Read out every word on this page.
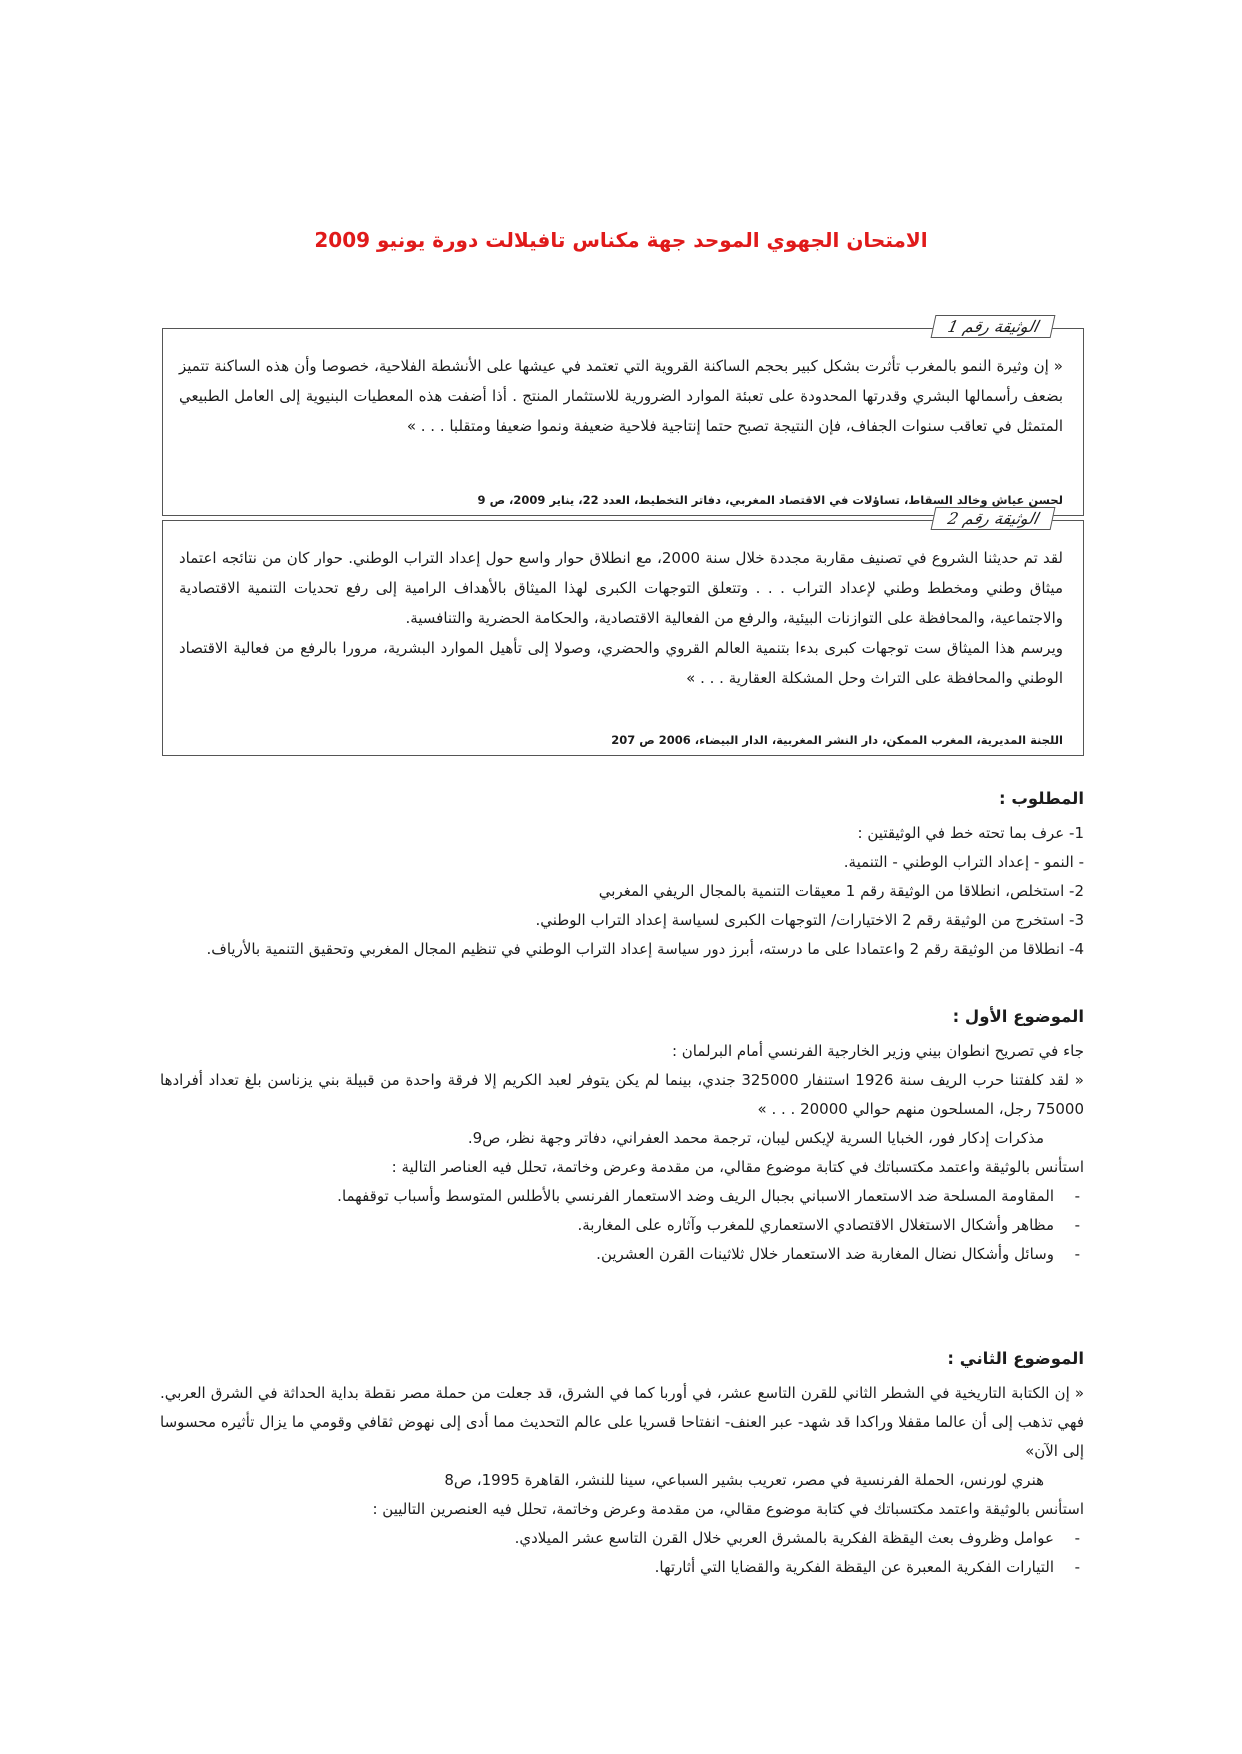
الامتحان الجهوي الموحد جهة مكناس تافيلالت دورة يونيو 2009
الوثيقة رقم 1
« إن وثيرة النمو بالمغرب تأثرت بشكل كبير بحجم الساكنة القروية التي تعتمد في عيشها على الأنشطة الفلاحية، خصوصا وأن هذه الساكنة تتميز بضعف رأسمالها البشري وقدرتها المحدودة على تعبئة الموارد الضرورية للاستثمار المنتج . أذا أضفت هذه المعطيات البنيوية إلى العامل الطبيعي المتمثل في تعاقب سنوات الجفاف، فإن النتيجة تصبح حتما إنتاجية فلاحية ضعيفة ونموا ضعيفا ومتقلبا . . . »
لحسن عياش وخالد السقاط، تساؤلات في الاقتصاد المغربي، دفاتر التخطيط، العدد 22، يناير 2009، ص 9
الوثيقة رقم 2
لقد تم حديثنا الشروع في تصنيف مقاربة مجددة خلال سنة 2000، مع انطلاق حوار واسع حول إعداد التراب الوطني. حوار كان من نتائجه اعتماد ميثاق وطني ومخطط وطني لإعداد التراب . . . وتتعلق التوجهات الكبرى لهذا الميثاق بالأهداف الرامية إلى رفع تحديات التنمية الاقتصادية والاجتماعية، والمحافظة على التوازنات البيئية، والرفع من الفعالية الاقتصادية، والحكامة الحضرية والتنافسية.
ويرسم هذا الميثاق ست توجهات كبرى بدءا بتنمية العالم القروي والحضري، وصولا إلى تأهيل الموارد البشرية، مرورا بالرفع من فعالية الاقتصاد الوطني والمحافظة على التراث وحل المشكلة العقارية . . . »
اللجنة المديرية، المغرب الممكن، دار النشر المغربية، الدار البيضاء، 2006 ص 207
المطلوب :
1- عرف بما تحته خط في الوثيقتين :
- النمو - إعداد التراب الوطني - التنمية.
2- استخلص، انطلاقا من الوثيقة رقم 1 معيقات التنمية بالمجال الريفي المغربي
3- استخرج من الوثيقة رقم 2 الاختيارات/ التوجهات الكبرى لسياسة إعداد التراب الوطني.
4- انطلاقا من الوثيقة رقم 2 واعتمادا على ما درسته، أبرز دور سياسة إعداد التراب الوطني في تنظيم المجال المغربي وتحقيق التنمية بالأرياف.
الموضوع الأول :
جاء في تصريح انطوان بيني وزير الخارجية الفرنسي أمام البرلمان :
« لقد كلفتنا حرب الريف سنة 1926 استنفار 325000 جندي، بينما لم يكن يتوفر لعبد الكريم إلا فرقة واحدة من قبيلة بني يزناسن بلغ تعداد أفرادها 75000 رجل، المسلحون منهم حوالي 20000 . . . »
مذكرات إدكار فور، الخبايا السرية لإيكس ليبان، ترجمة محمد العفراني، دفاتر وجهة نظر، ص9.
استأنس بالوثيقة واعتمد مكتسباتك في كتابة موضوع مقالي، من مقدمة وعرض وخاتمة، تحلل فيه العناصر التالية :
-
المقاومة المسلحة ضد الاستعمار الاسباني بجبال الريف وضد الاستعمار الفرنسي بالأطلس المتوسط وأسباب توقفهما.
-
مظاهر وأشكال الاستغلال الاقتصادي الاستعماري للمغرب وآثاره على المغاربة.
-
وسائل وأشكال نضال المغاربة ضد الاستعمار خلال ثلاثينات القرن العشرين.
الموضوع الثاني :
« إن الكتابة التاريخية في الشطر الثاني للقرن التاسع عشر، في أوربا كما في الشرق، قد جعلت من حملة مصر نقطة بداية الحداثة في الشرق العربي. فهي تذهب إلى أن عالما مقفلا وراكدا قد شهد- عبر العنف- انفتاحا قسريا على عالم التحديث مما أدى إلى نهوض ثقافي وقومي ما يزال تأثيره محسوسا إلى الآن»
هنري لورنس، الحملة الفرنسية في مصر، تعريب بشير السباعي، سينا للنشر، القاهرة 1995، ص8
استأنس بالوثيقة واعتمد مكتسباتك في كتابة موضوع مقالي، من مقدمة وعرض وخاتمة، تحلل فيه العنصرين التاليين :
-
عوامل وظروف بعث اليقظة الفكرية بالمشرق العربي خلال القرن التاسع عشر الميلادي.
-
التيارات الفكرية المعبرة عن اليقظة الفكرية والقضايا التي أثارتها.
